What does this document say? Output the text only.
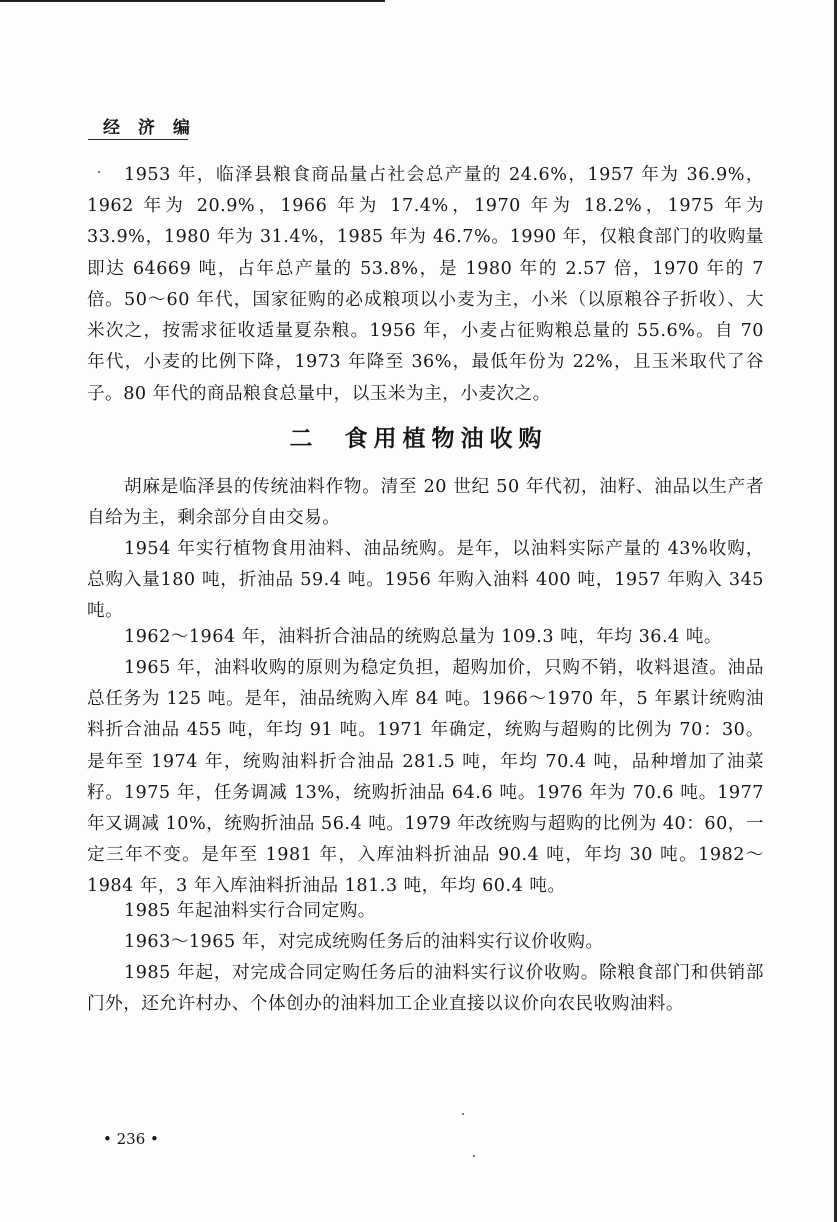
经 济 编

1953 年，临泽县粮食商品量占社会总产量的 24.6%，1957 年为 36.9%，1962 年为 20.9%，1966 年为 17.4%，1970 年为 18.2%，1975 年为 33.9%，1980 年为 31.4%，1985 年为 46.7%。1990 年，仅粮食部门的收购量即达 64669 吨，占年总产量的 53.8%，是 1980 年的 2.57 倍，1970 年的 7 倍。 50～60 年代，国家征购的必成粮项以小麦为主，小米（以原粮谷子折收）、大米次之，按需求征收适量夏杂粮。1956 年，小麦占征购粮总量的 55.6%。自 70 年代，小麦的比例下降，1973 年降至 36%，最低年份为 22%，且玉米取代了谷子。80 年代的商品粮食总量中，以玉米为主，小麦次之。

二 食用植物油收购

胡麻是临泽县的传统油料作物。清至 20 世纪 50 年代初，油籽、油品以生产者自给为主，剩余部分自由交易。

1954 年实行植物食用油料、油品统购。是年，以油料实际产量的 43%收购，总购入量180 吨，折油品 59.4 吨。1956 年购入油料 400 吨，1957 年购入 345 吨。

1962～1964 年，油料折合油品的统购总量为 109.3 吨，年均 36.4 吨。

1965 年，油料收购的原则为稳定负担，超购加价，只购不销，收料退渣。油品总任务为 125 吨。是年，油品统购入库 84 吨。1966～1970 年，5 年累计统购油料折合油品 455 吨，年均 91 吨。1971 年确定，统购与超购的比例为 70：30。是年至 1974 年，统购油料折合油品 281.5 吨，年均 70.4 吨，品种增加了油菜籽。1975 年，任务调减 13%，统购折油品 64.6 吨。1976 年为 70.6 吨。1977 年又调减 10%，统购折油品 56.4 吨。1979 年改统购与超购的比例为 40：60，一定三年不变。是年至 1981 年，入库油料折油品 90.4 吨，年均 30 吨。1982～1984 年，3 年入库油料折油品 181.3 吨，年均 60.4 吨。

1985 年起油料实行合同定购。

1963～1965 年，对完成统购任务后的油料实行议价收购。

1985 年起，对完成合同定购任务后的油料实行议价收购。除粮食部门和供销部门外，还允许村办、个体创办的油料加工企业直接以议价向农民收购油料。

• 236 •
